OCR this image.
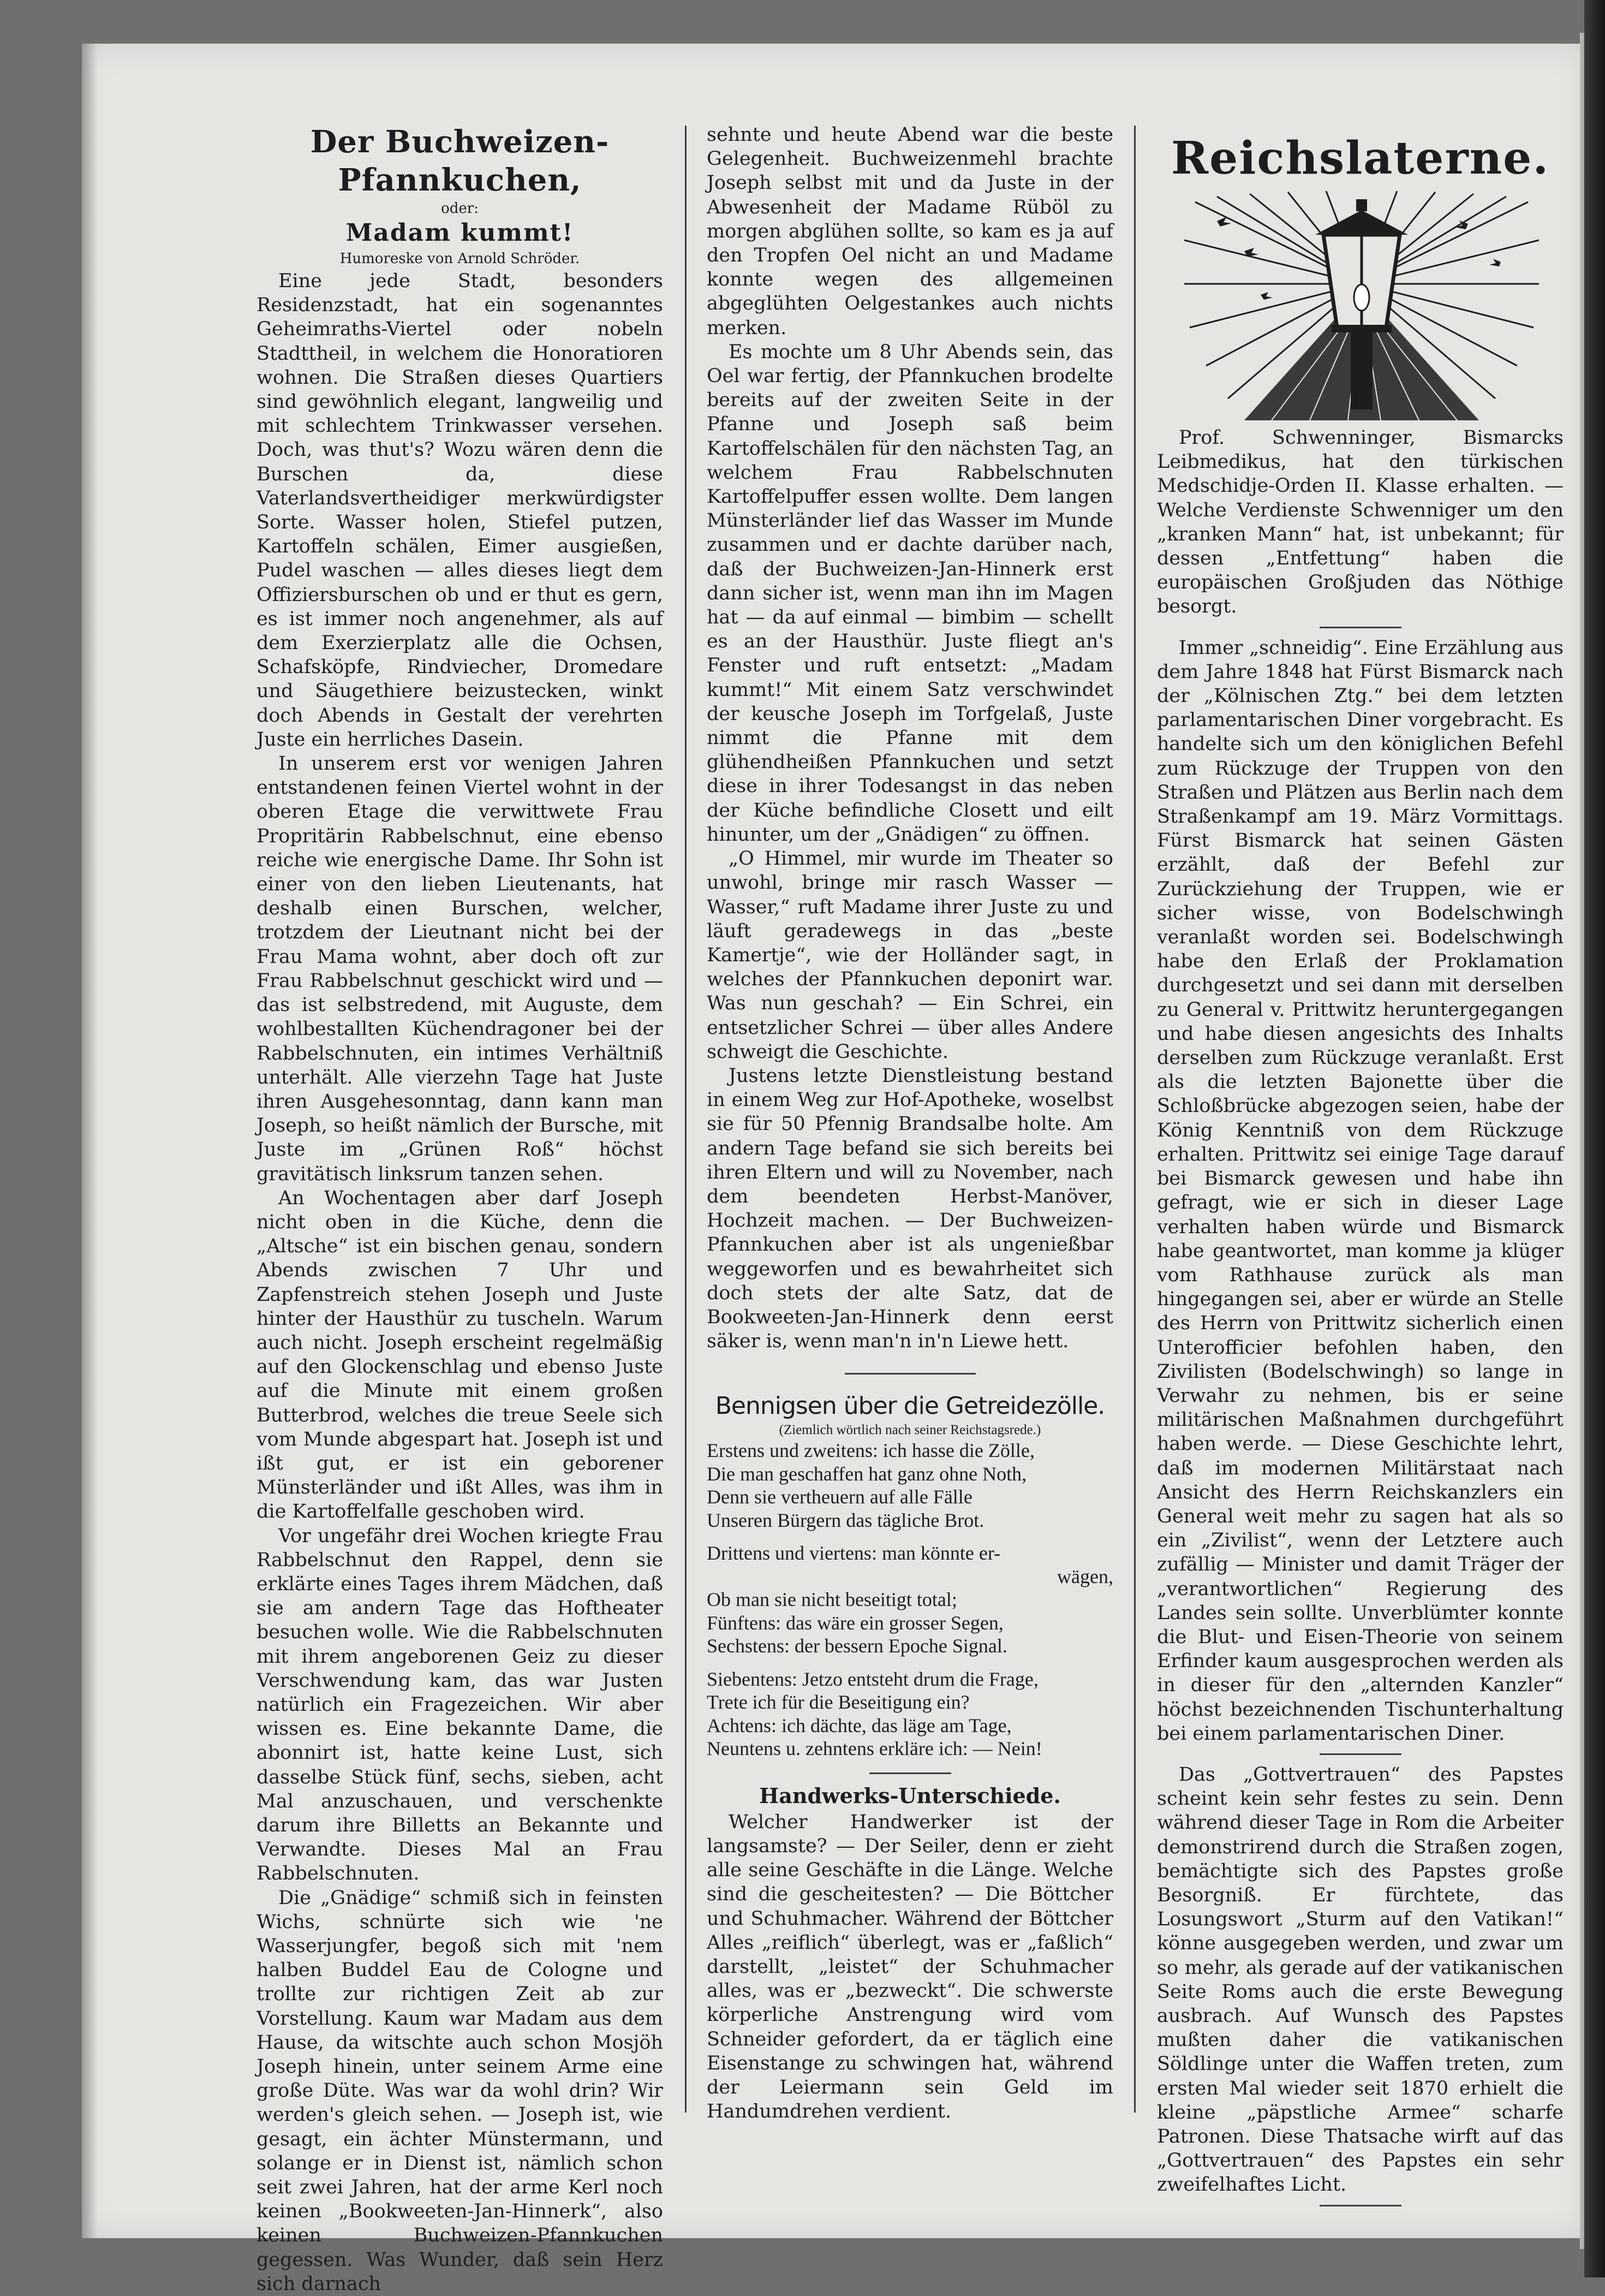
Der Buchweizen-Pfannkuchen,

oder:

Madam kummt!

Humoreske von Arnold Schröder.

Eine jede Stadt, besonders Residenzstadt, hat ein sogenanntes Geheimraths-Viertel oder nobeln Stadttheil, in welchem die Honoratioren wohnen. Die Straßen dieses Quartiers sind gewöhnlich elegant, langweilig und mit schlechtem Trinkwasser versehen. Doch, was thut's? Wozu wären denn die Burschen da, diese Vaterlandsvertheidiger merkwürdigster Sorte. Wasser holen, Stiefel putzen, Kartoffeln schälen, Eimer ausgießen, Pudel waschen — alles dieses liegt dem Offiziersburschen ob und er thut es gern, es ist immer noch angenehmer, als auf dem Exerzierplatz alle die Ochsen, Schafsköpfe, Rindviecher, Dromedare und Säugethiere beizustecken, winkt doch Abends in Gestalt der verehrten Juste ein herrliches Dasein.

In unserem erst vor wenigen Jahren entstandenen feinen Viertel wohnt in der oberen Etage die verwittwete Frau Propritärin Rabbelschnut, eine ebenso reiche wie energische Dame. Ihr Sohn ist einer von den lieben Lieutenants, hat deshalb einen Burschen, welcher, trotzdem der Lieutnant nicht bei der Frau Mama wohnt, aber doch oft zur Frau Rabbelschnut geschickt wird und — das ist selbstredend, mit Auguste, dem wohlbestallten Küchendragoner bei der Rabbelschnuten, ein intimes Verhältniß unterhält. Alle vierzehn Tage hat Juste ihren Ausgehesonntag, dann kann man Joseph, so heißt nämlich der Bursche, mit Juste im „Grünen Roß“ höchst gravitätisch linksrum tanzen sehen.

An Wochentagen aber darf Joseph nicht oben in die Küche, denn die „Altsche“ ist ein bischen genau, sondern Abends zwischen 7 Uhr und Zapfenstreich stehen Joseph und Juste hinter der Hausthür zu tuscheln. Warum auch nicht. Joseph erscheint regelmäßig auf den Glockenschlag und ebenso Juste auf die Minute mit einem großen Butterbrod, welches die treue Seele sich vom Munde abgespart hat. Joseph ist und ißt gut, er ist ein geborener Münsterländer und ißt Alles, was ihm in die Kartoffelfalle geschoben wird.

Vor ungefähr drei Wochen kriegte Frau Rabbelschnut den Rappel, denn sie erklärte eines Tages ihrem Mädchen, daß sie am andern Tage das Hoftheater besuchen wolle. Wie die Rabbelschnuten mit ihrem angeborenen Geiz zu dieser Verschwendung kam, das war Justen natürlich ein Fragezeichen. Wir aber wissen es. Eine bekannte Dame, die abonnirt ist, hatte keine Lust, sich dasselbe Stück fünf, sechs, sieben, acht Mal anzuschauen, und verschenkte darum ihre Billetts an Bekannte und Verwandte. Dieses Mal an Frau Rabbelschnuten.

Die „Gnädige“ schmiß sich in feinsten Wichs, schnürte sich wie 'ne Wasserjungfer, begoß sich mit 'nem halben Buddel Eau de Cologne und trollte zur richtigen Zeit ab zur Vorstellung. Kaum war Madam aus dem Hause, da witschte auch schon Mosjöh Joseph hinein, unter seinem Arme eine große Düte. Was war da wohl drin? Wir werden's gleich sehen. — Joseph ist, wie gesagt, ein ächter Münstermann, und solange er in Dienst ist, nämlich schon seit zwei Jahren, hat der arme Kerl noch keinen „Bookweeten-Jan-Hinnerk“, also keinen Buchweizen-Pfannkuchen gegessen. Was Wunder, daß sein Herz sich darnach

sehnte und heute Abend war die beste Gelegenheit. Buchweizenmehl brachte Joseph selbst mit und da Juste in der Abwesenheit der Madame Rüböl zu morgen abglühen sollte, so kam es ja auf den Tropfen Oel nicht an und Madame konnte wegen des allgemeinen abgeglühten Oelgestankes auch nichts merken.

Es mochte um 8 Uhr Abends sein, das Oel war fertig, der Pfannkuchen brodelte bereits auf der zweiten Seite in der Pfanne und Joseph saß beim Kartoffelschälen für den nächsten Tag, an welchem Frau Rabbelschnuten Kartoffelpuffer essen wollte. Dem langen Münsterländer lief das Wasser im Munde zusammen und er dachte darüber nach, daß der Buchweizen-Jan-Hinnerk erst dann sicher ist, wenn man ihn im Magen hat — da auf einmal — bimbim — schellt es an der Hausthür. Juste fliegt an's Fenster und ruft entsetzt: „Madam kummt!“ Mit einem Satz verschwindet der keusche Joseph im Torfgelaß, Juste nimmt die Pfanne mit dem glühendheißen Pfannkuchen und setzt diese in ihrer Todesangst in das neben der Küche befindliche Closett und eilt hinunter, um der „Gnädigen“ zu öffnen.

„O Himmel, mir wurde im Theater so unwohl, bringe mir rasch Wasser — Wasser,“ ruft Madame ihrer Juste zu und läuft geradewegs in das „beste Kamertje“, wie der Holländer sagt, in welches der Pfannkuchen deponirt war. Was nun geschah? — Ein Schrei, ein entsetzlicher Schrei — über alles Andere schweigt die Geschichte.

Justens letzte Dienstleistung bestand in einem Weg zur Hof-Apotheke, woselbst sie für 50 Pfennig Brandsalbe holte. Am andern Tage befand sie sich bereits bei ihren Eltern und will zu November, nach dem beendeten Herbst-Manöver, Hochzeit machen. — Der Buchweizen-Pfannkuchen aber ist als ungenießbar weggeworfen und es bewahrheitet sich doch stets der alte Satz, dat de Bookweeten-Jan-Hinnerk denn eerst säker is, wenn man'n in'n Liewe hett.

Bennigsen über die Getreidezölle.

(Ziemlich wörtlich nach seiner Reichstagsrede.)

Erstens und zweitens: ich hasse die Zölle,
Die man geschaffen hat ganz ohne Noth,
Denn sie vertheuern auf alle Fälle
Unseren Bürgern das tägliche Brot.
Drittens und viertens: man könnte er-
wägen,
Ob man sie nicht beseitigt total;
Fünftens: das wäre ein grosser Segen,
Sechstens: der bessern Epoche Signal.
Siebentens: Jetzo entsteht drum die Frage,
Trete ich für die Beseitigung ein?
Achtens: ich dächte, das läge am Tage,
Neuntens u. zehntens erkläre ich: — Nein!

Handwerks-Unterschiede.

Welcher Handwerker ist der langsamste? — Der Seiler, denn er zieht alle seine Geschäfte in die Länge. Welche sind die gescheitesten? — Die Böttcher und Schuhmacher. Während der Böttcher Alles „reiflich“ überlegt, was er „faßlich“ darstellt, „leistet“ der Schuhmacher alles, was er „bezweckt“. Die schwerste körperliche Anstrengung wird vom Schneider gefordert, da er täglich eine Eisenstange zu schwingen hat, während der Leiermann sein Geld im Handumdrehen verdient.

Reichslaterne.

Prof. Schwenninger, Bismarcks Leibmedikus, hat den türkischen Medschidje-Orden II. Klasse erhalten. — Welche Verdienste Schwenniger um den „kranken Mann“ hat, ist unbekannt; für dessen „Entfettung“ haben die europäischen Großjuden das Nöthige besorgt.

Immer „schneidig“. Eine Erzählung aus dem Jahre 1848 hat Fürst Bismarck nach der „Kölnischen Ztg.“ bei dem letzten parlamentarischen Diner vorgebracht. Es handelte sich um den königlichen Befehl zum Rückzuge der Truppen von den Straßen und Plätzen aus Berlin nach dem Straßenkampf am 19. März Vormittags. Fürst Bismarck hat seinen Gästen erzählt, daß der Befehl zur Zurückziehung der Truppen, wie er sicher wisse, von Bodelschwingh veranlaßt worden sei. Bodelschwingh habe den Erlaß der Proklamation durchgesetzt und sei dann mit derselben zu General v. Prittwitz heruntergegangen und habe diesen angesichts des Inhalts derselben zum Rückzuge veranlaßt. Erst als die letzten Bajonette über die Schloßbrücke abgezogen seien, habe der König Kenntniß von dem Rückzuge erhalten. Prittwitz sei einige Tage darauf bei Bismarck gewesen und habe ihn gefragt, wie er sich in dieser Lage verhalten haben würde und Bismarck habe geantwortet, man komme ja klüger vom Rathhause zurück als man hingegangen sei, aber er würde an Stelle des Herrn von Prittwitz sicherlich einen Unterofficier befohlen haben, den Zivilisten (Bodelschwingh) so lange in Verwahr zu nehmen, bis er seine militärischen Maßnahmen durchgeführt haben werde. — Diese Geschichte lehrt, daß im modernen Militärstaat nach Ansicht des Herrn Reichskanzlers ein General weit mehr zu sagen hat als so ein „Zivilist“, wenn der Letztere auch zufällig — Minister und damit Träger der „verantwortlichen“ Regierung des Landes sein sollte. Unverblümter konnte die Blut- und Eisen-Theorie von seinem Erfinder kaum ausgesprochen werden als in dieser für den „alternden Kanzler“ höchst bezeichnenden Tischunterhaltung bei einem parlamentarischen Diner.

Das „Gottvertrauen“ des Papstes scheint kein sehr festes zu sein. Denn während dieser Tage in Rom die Arbeiter demonstrirend durch die Straßen zogen, bemächtigte sich des Papstes große Besorgniß. Er fürchtete, das Losungswort „Sturm auf den Vatikan!“ könne ausgegeben werden, und zwar um so mehr, als gerade auf der vatikanischen Seite Roms auch die erste Bewegung ausbrach. Auf Wunsch des Papstes mußten daher die vatikanischen Söldlinge unter die Waffen treten, zum ersten Mal wieder seit 1870 erhielt die kleine „päpstliche Armee“ scharfe Patronen. Diese Thatsache wirft auf das „Gottvertrauen“ des Papstes ein sehr zweifelhaftes Licht.
